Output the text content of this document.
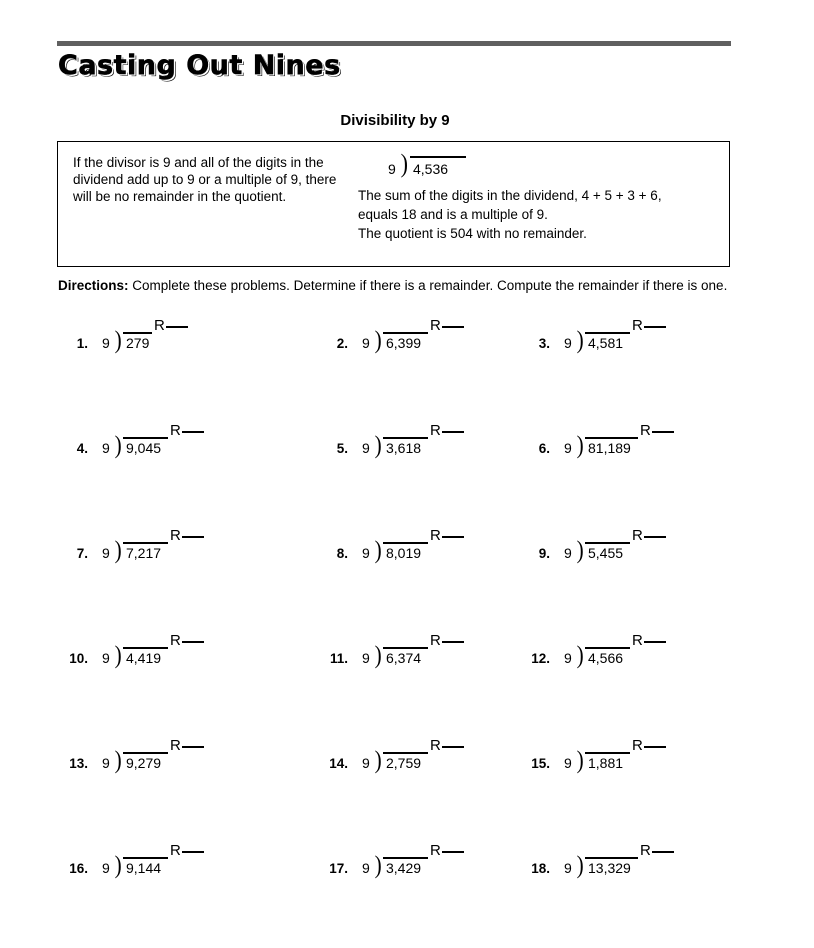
Casting Out Nines
Divisibility by 9
If the divisor is 9 and all of the digits in the dividend add up to 9 or a multiple of 9, there will be no remainder in the quotient.
9 ) 4,536
The sum of the digits in the dividend, 4 + 5 + 3 + 6,
equals 18 and is a multiple of 9.
The quotient is 504 with no remainder.
Directions: Complete these problems. Determine if there is a remainder. Compute the remainder if there is one.
1. 9 ) 279
R
2. 9 ) 6,399
R
3. 9 ) 4,581
R
4. 9 ) 9,045
R
5. 9 ) 3,618
R
6. 9 ) 81,189
R
7. 9 ) 7,217
R
8. 9 ) 8,019
R
9. 9 ) 5,455
R
10. 9 ) 4,419
R
11. 9 ) 6,374
R
12. 9 ) 4,566
R
13. 9 ) 9,279
R
14. 9 ) 2,759
R
15. 9 ) 1,881
R
16. 9 ) 9,144
R
17. 9 ) 3,429
R
18. 9 ) 13,329
R
